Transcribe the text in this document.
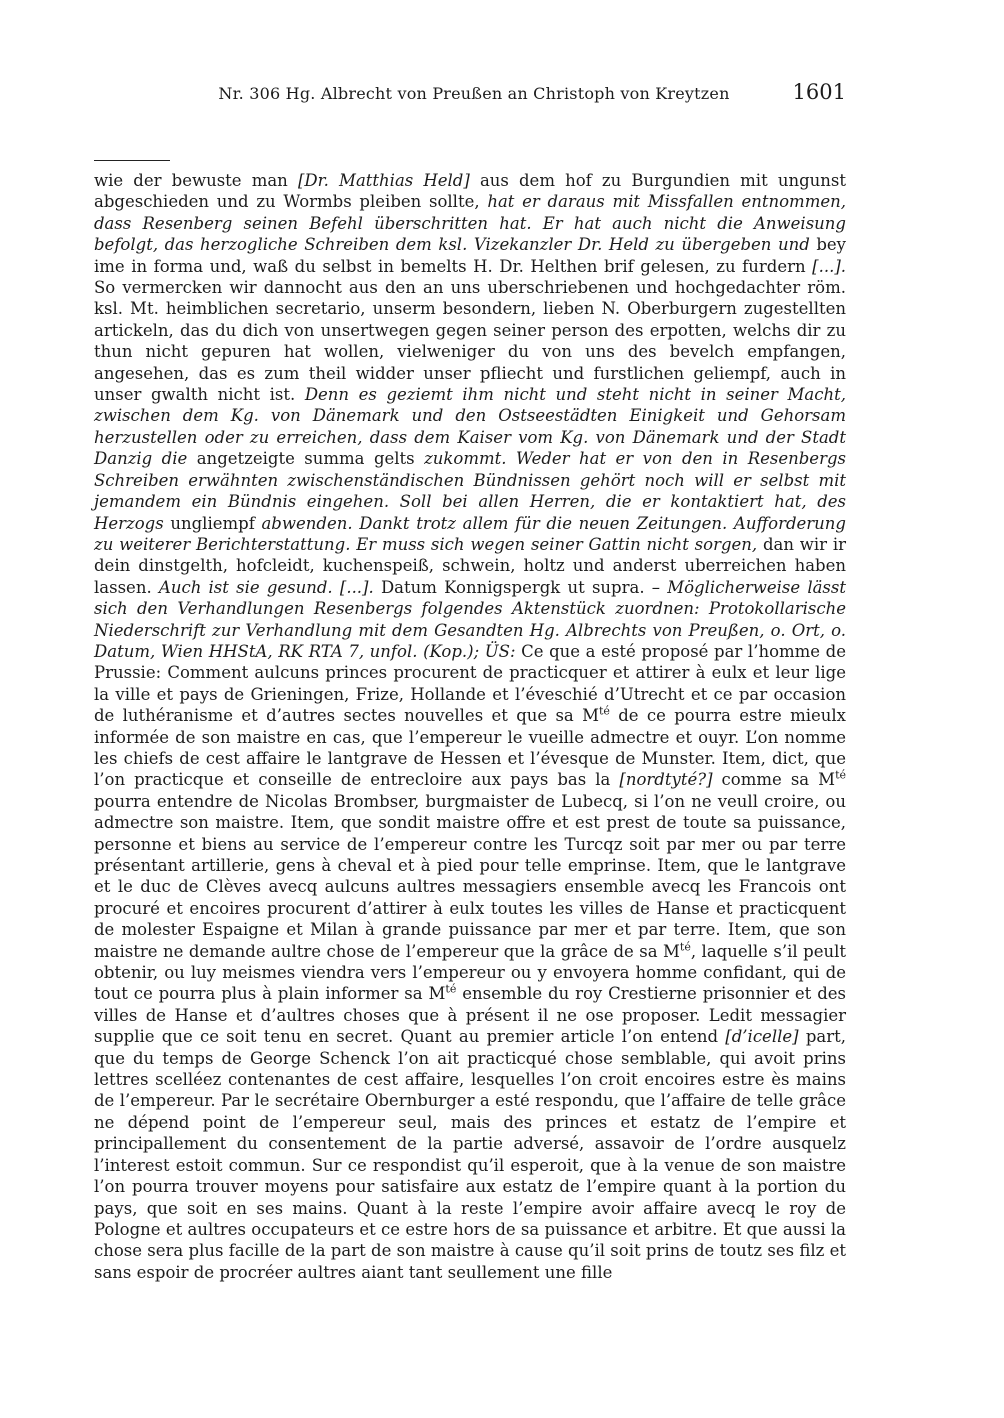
Nr. 306 Hg. Albrecht von Preußen an Christoph von Kreytzen	1601
wie der bewuste man [Dr. Matthias Held] aus dem hof zu Burgundien mit ungunst abgeschieden und zu Wormbs pleiben sollte, hat er daraus mit Missfallen entnommen, dass Resenberg seinen Befehl überschritten hat. Er hat auch nicht die Anweisung befolgt, das herzogliche Schreiben dem ksl. Vizekanzler Dr. Held zu übergeben und bey ime in forma und, waß du selbst in bemelts H. Dr. Helthen brif gelesen, zu furdern [...]. So vermercken wir dannocht aus den an uns uberschriebenen und hochgedachter röm. ksl. Mt. heimblichen secretario, unserm besondern, lieben N. Oberburgern zugestellten artickeln, das du dich von unsertwegen gegen seiner person des erpotten, welchs dir zu thun nicht gepuren hat wollen, vielweniger du von uns des bevelch empfangen, angesehen, das es zum theil widder unser pfliecht und furstlichen geliempf, auch in unser gwalth nicht ist. Denn es geziemt ihm nicht und steht nicht in seiner Macht, zwischen dem Kg. von Dänemark und den Ostseestädten Einigkeit und Gehorsam herzustellen oder zu erreichen, dass dem Kaiser vom Kg. von Dänemark und der Stadt Danzig die angetzeigte summa gelts zukommt. Weder hat er von den in Resenbergs Schreiben erwähnten zwischenständischen Bündnissen gehört noch will er selbst mit jemandem ein Bündnis eingehen. Soll bei allen Herren, die er kontaktiert hat, des Herzogs ungliempf abwenden. Dankt trotz allem für die neuen Zeitungen. Aufforderung zu weiterer Berichterstattung. Er muss sich wegen seiner Gattin nicht sorgen, dan wir ir dein dinstgelth, hofcleidt, kuchenspeiß, schwein, holtz und anderst uberreichen haben lassen. Auch ist sie gesund. [...]. Datum Konnigspergk ut supra. – Möglicherweise lässt sich den Verhandlungen Resenbergs folgendes Aktenstück zuordnen: Protokollarische Niederschrift zur Verhandlung mit dem Gesandten Hg. Albrechts von Preußen, o. Ort, o. Datum, Wien HHStA, RK RTA 7, unfol. (Kop.); ÜS: Ce que a esté proposé par l’homme de Prussie: Comment aulcuns princes procurent de practicquer et attirer à eulx et leur lige la ville et pays de Grieningen, Frize, Hollande et l’éveschié d’Utrecht et ce par occasion de luthéranisme et d’autres sectes nouvelles et que sa $M^{té}$ de ce pourra estre mieulx informée de son maistre en cas, que l’empereur le vueille admectre et ouyr. L’on nomme les chiefs de cest affaire le lantgrave de Hessen et l’évesque de Munster. Item, dict, que l’on practicque et conseille de entrecloire aux pays bas la [nordtyté?] comme sa $M^{té}$ pourra entendre de Nicolas Brombser, burgmaister de Lubecq, si l’on ne veull croire, ou admectre son maistre. Item, que sondit maistre offre et est prest de toute sa puissance, personne et biens au service de l’empereur contre les Turcqz soit par mer ou par terre présentant artillerie, gens à cheval et à pied pour telle emprinse. Item, que le lantgrave et le duc de Clèves avecq aulcuns aultres messagiers ensemble avecq les Francois ont procuré et encoires procurent d’attirer à eulx toutes les villes de Hanse et practicquent de molester Espaigne et Milan à grande puissance par mer et par terre. Item, que son maistre ne demande aultre chose de l’empereur que la grâce de sa $M^{té}$, laquelle s’il peult obtenir, ou luy meismes viendra vers l’empereur ou y envoyera homme confidant, qui de tout ce pourra plus à plain informer sa $M^{té}$ ensemble du roy Crestierne prisonnier et des villes de Hanse et d’aultres choses que à présent il ne ose proposer. Ledit messagier supplie que ce soit tenu en secret. Quant au premier article l’on entend [d’icelle] part, que du temps de George Schenck l’on ait practicqué chose semblable, qui avoit prins lettres scelléez contenantes de cest affaire, lesquelles l’on croit encoires estre ès mains de l’empereur. Par le secrétaire Obernburger a esté respondu, que l’affaire de telle grâce ne dépend point de l’empereur seul, mais des princes et estatz de l’empire et principallement du consentement de la partie adversé, assavoir de l’ordre ausquelz l’interest estoit commun. Sur ce respondist qu’il esperoit, que à la venue de son maistre l’on pourra trouver moyens pour satisfaire aux estatz de l’empire quant à la portion du pays, que soit en ses mains. Quant à la reste l’empire avoir affaire avecq le roy de Pologne et aultres occupateurs et ce estre hors de sa puissance et arbitre. Et que aussi la chose sera plus facille de la part de son maistre à cause qu’il soit prins de toutz ses filz et sans espoir de procréer aultres aiant tant seullement une fille
